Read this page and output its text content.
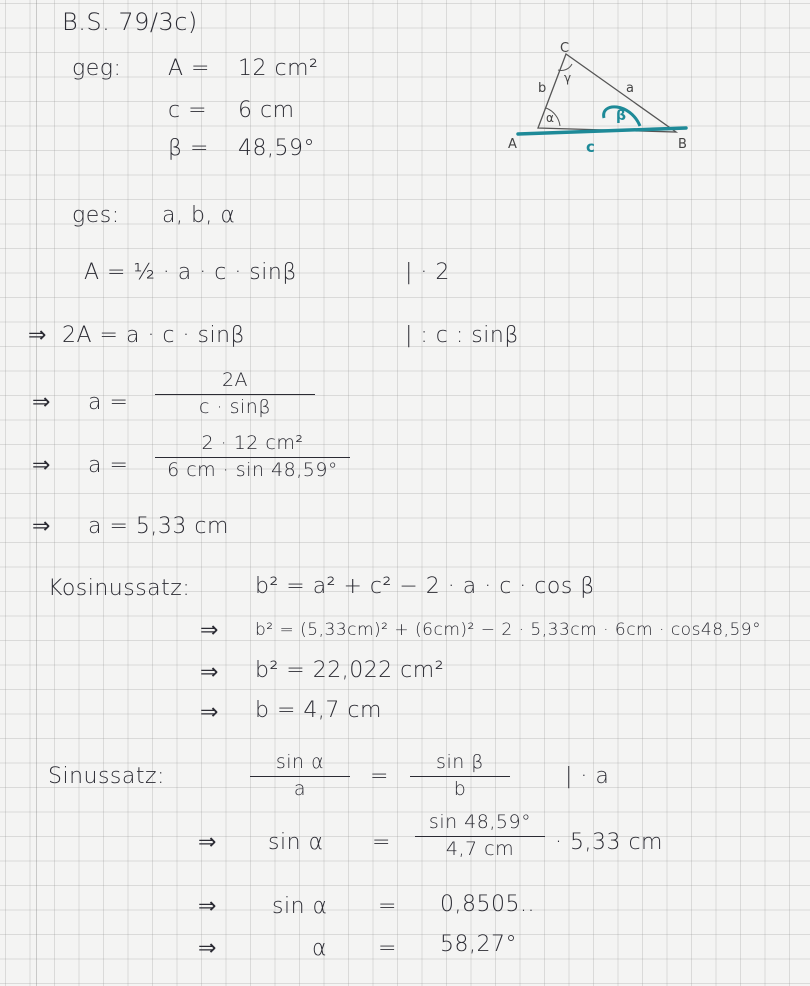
B.S. 79/3c)
geg: A = 12 cm²
c = 6 cm
β = 48,59°	A	B
C
a
b
c
α	β
γ
ges: a, b, α
A = ½ · a · c · sinβ	| · 2
⇒ 2A = a · c · sinβ	| : c : sinβ
⇒ a =
2A
c · sinβ
⇒ a =
2 · 12 cm²
6 cm · sin 48,59°
⇒ a = 5,33 cm
Kosinussatz:	b² = a² + c² − 2 · a · c · cos β
⇒ b² = (5,33cm)² + (6cm)² − 2 · 5,33cm · 6cm · cos48,59°
⇒ b² = 22,022 cm²
⇒ b = 4,7 cm
Sinussatz:
sin α
a	=
sin β
b	| · a
⇒ sin α =
sin 48,59°
4,7 cm · 5,33 cm
⇒	sin α = 0,8505..
⇒	α = 58,27°
